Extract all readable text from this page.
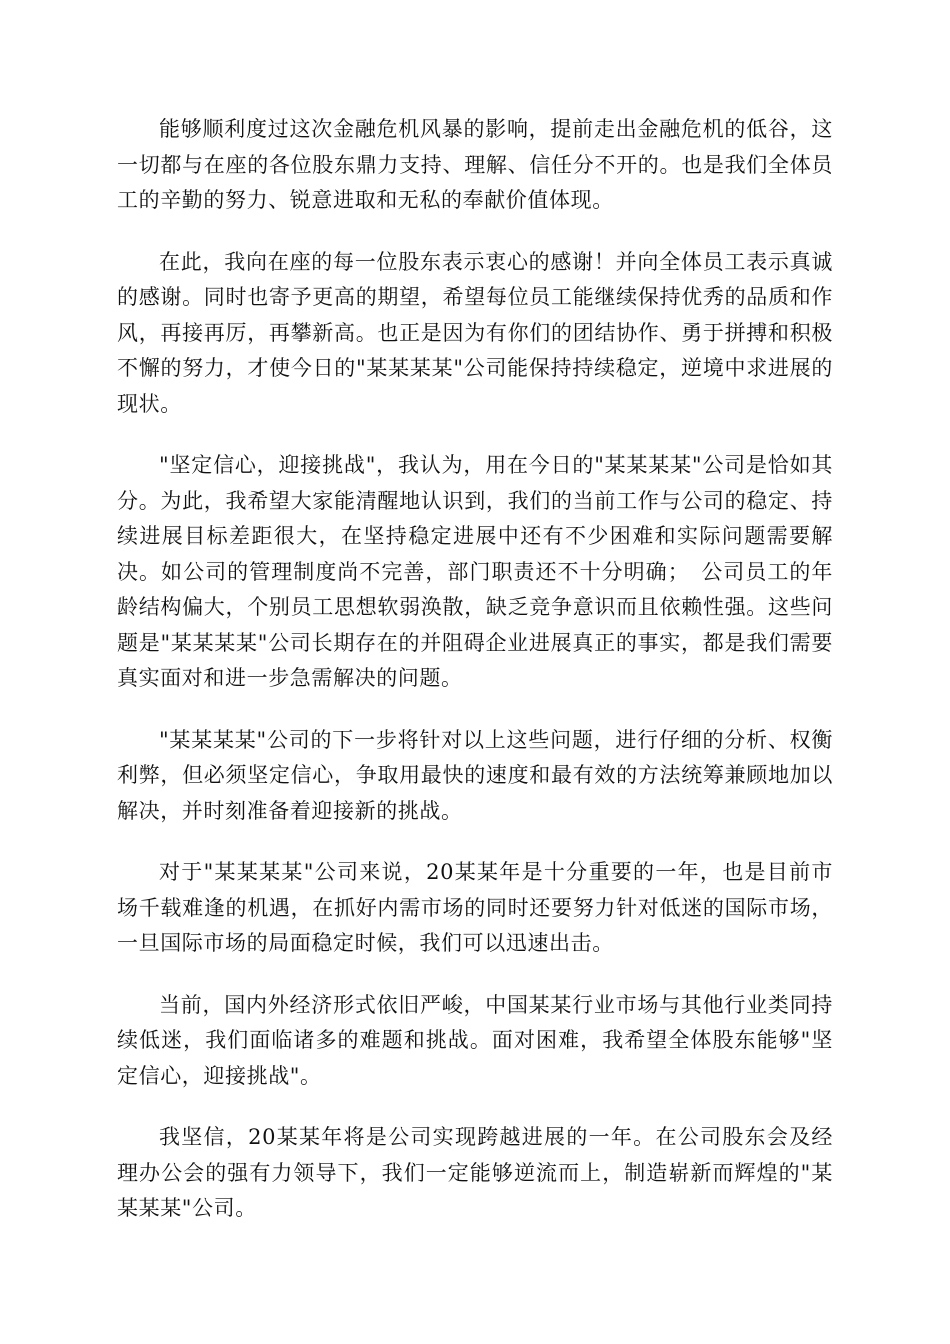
能够顺利度过这次金融危机风暴的影响，提前走出金融危机的低谷，这一切都与在座的各位股东鼎力支持、理解、信任分不开的。也是我们全体员工的辛勤的努力、锐意进取和无私的奉献价值体现。

在此，我向在座的每一位股东表示衷心的感谢！并向全体员工表示真诚的感谢。同时也寄予更高的期望，希望每位员工能继续保持优秀的品质和作风，再接再厉，再攀新高。也正是因为有你们的团结协作、勇于拼搏和积极不懈的努力，才使今日的"某某某某"公司能保持持续稳定，逆境中求进展的现状。

"坚定信心，迎接挑战"，我认为，用在今日的"某某某某"公司是恰如其分。为此，我希望大家能清醒地认识到，我们的当前工作与公司的稳定、持续进展目标差距很大，在坚持稳定进展中还有不少困难和实际问题需要解决。如公司的管理制度尚不完善，部门职责还不十分明确；　公司员工的年龄结构偏大，个别员工思想软弱涣散，缺乏竞争意识而且依赖性强。这些问题是"某某某某"公司长期存在的并阻碍企业进展真正的事实，都是我们需要真实面对和进一步急需解决的问题。

"某某某某"公司的下一步将针对以上这些问题，进行仔细的分析、权衡利弊，但必须坚定信心，争取用最快的速度和最有效的方法统筹兼顾地加以解决，并时刻准备着迎接新的挑战。

对于"某某某某"公司来说，20某某年是十分重要的一年，也是目前市场千载难逢的机遇，在抓好内需市场的同时还要努力针对低迷的国际市场，一旦国际市场的局面稳定时候，我们可以迅速出击。

当前，国内外经济形式依旧严峻，中国某某行业市场与其他行业类同持续低迷，我们面临诸多的难题和挑战。面对困难，我希望全体股东能够"坚定信心，迎接挑战"。

我坚信，20某某年将是公司实现跨越进展的一年。在公司股东会及经理办公会的强有力领导下，我们一定能够逆流而上，制造崭新而辉煌的"某某某某"公司。
